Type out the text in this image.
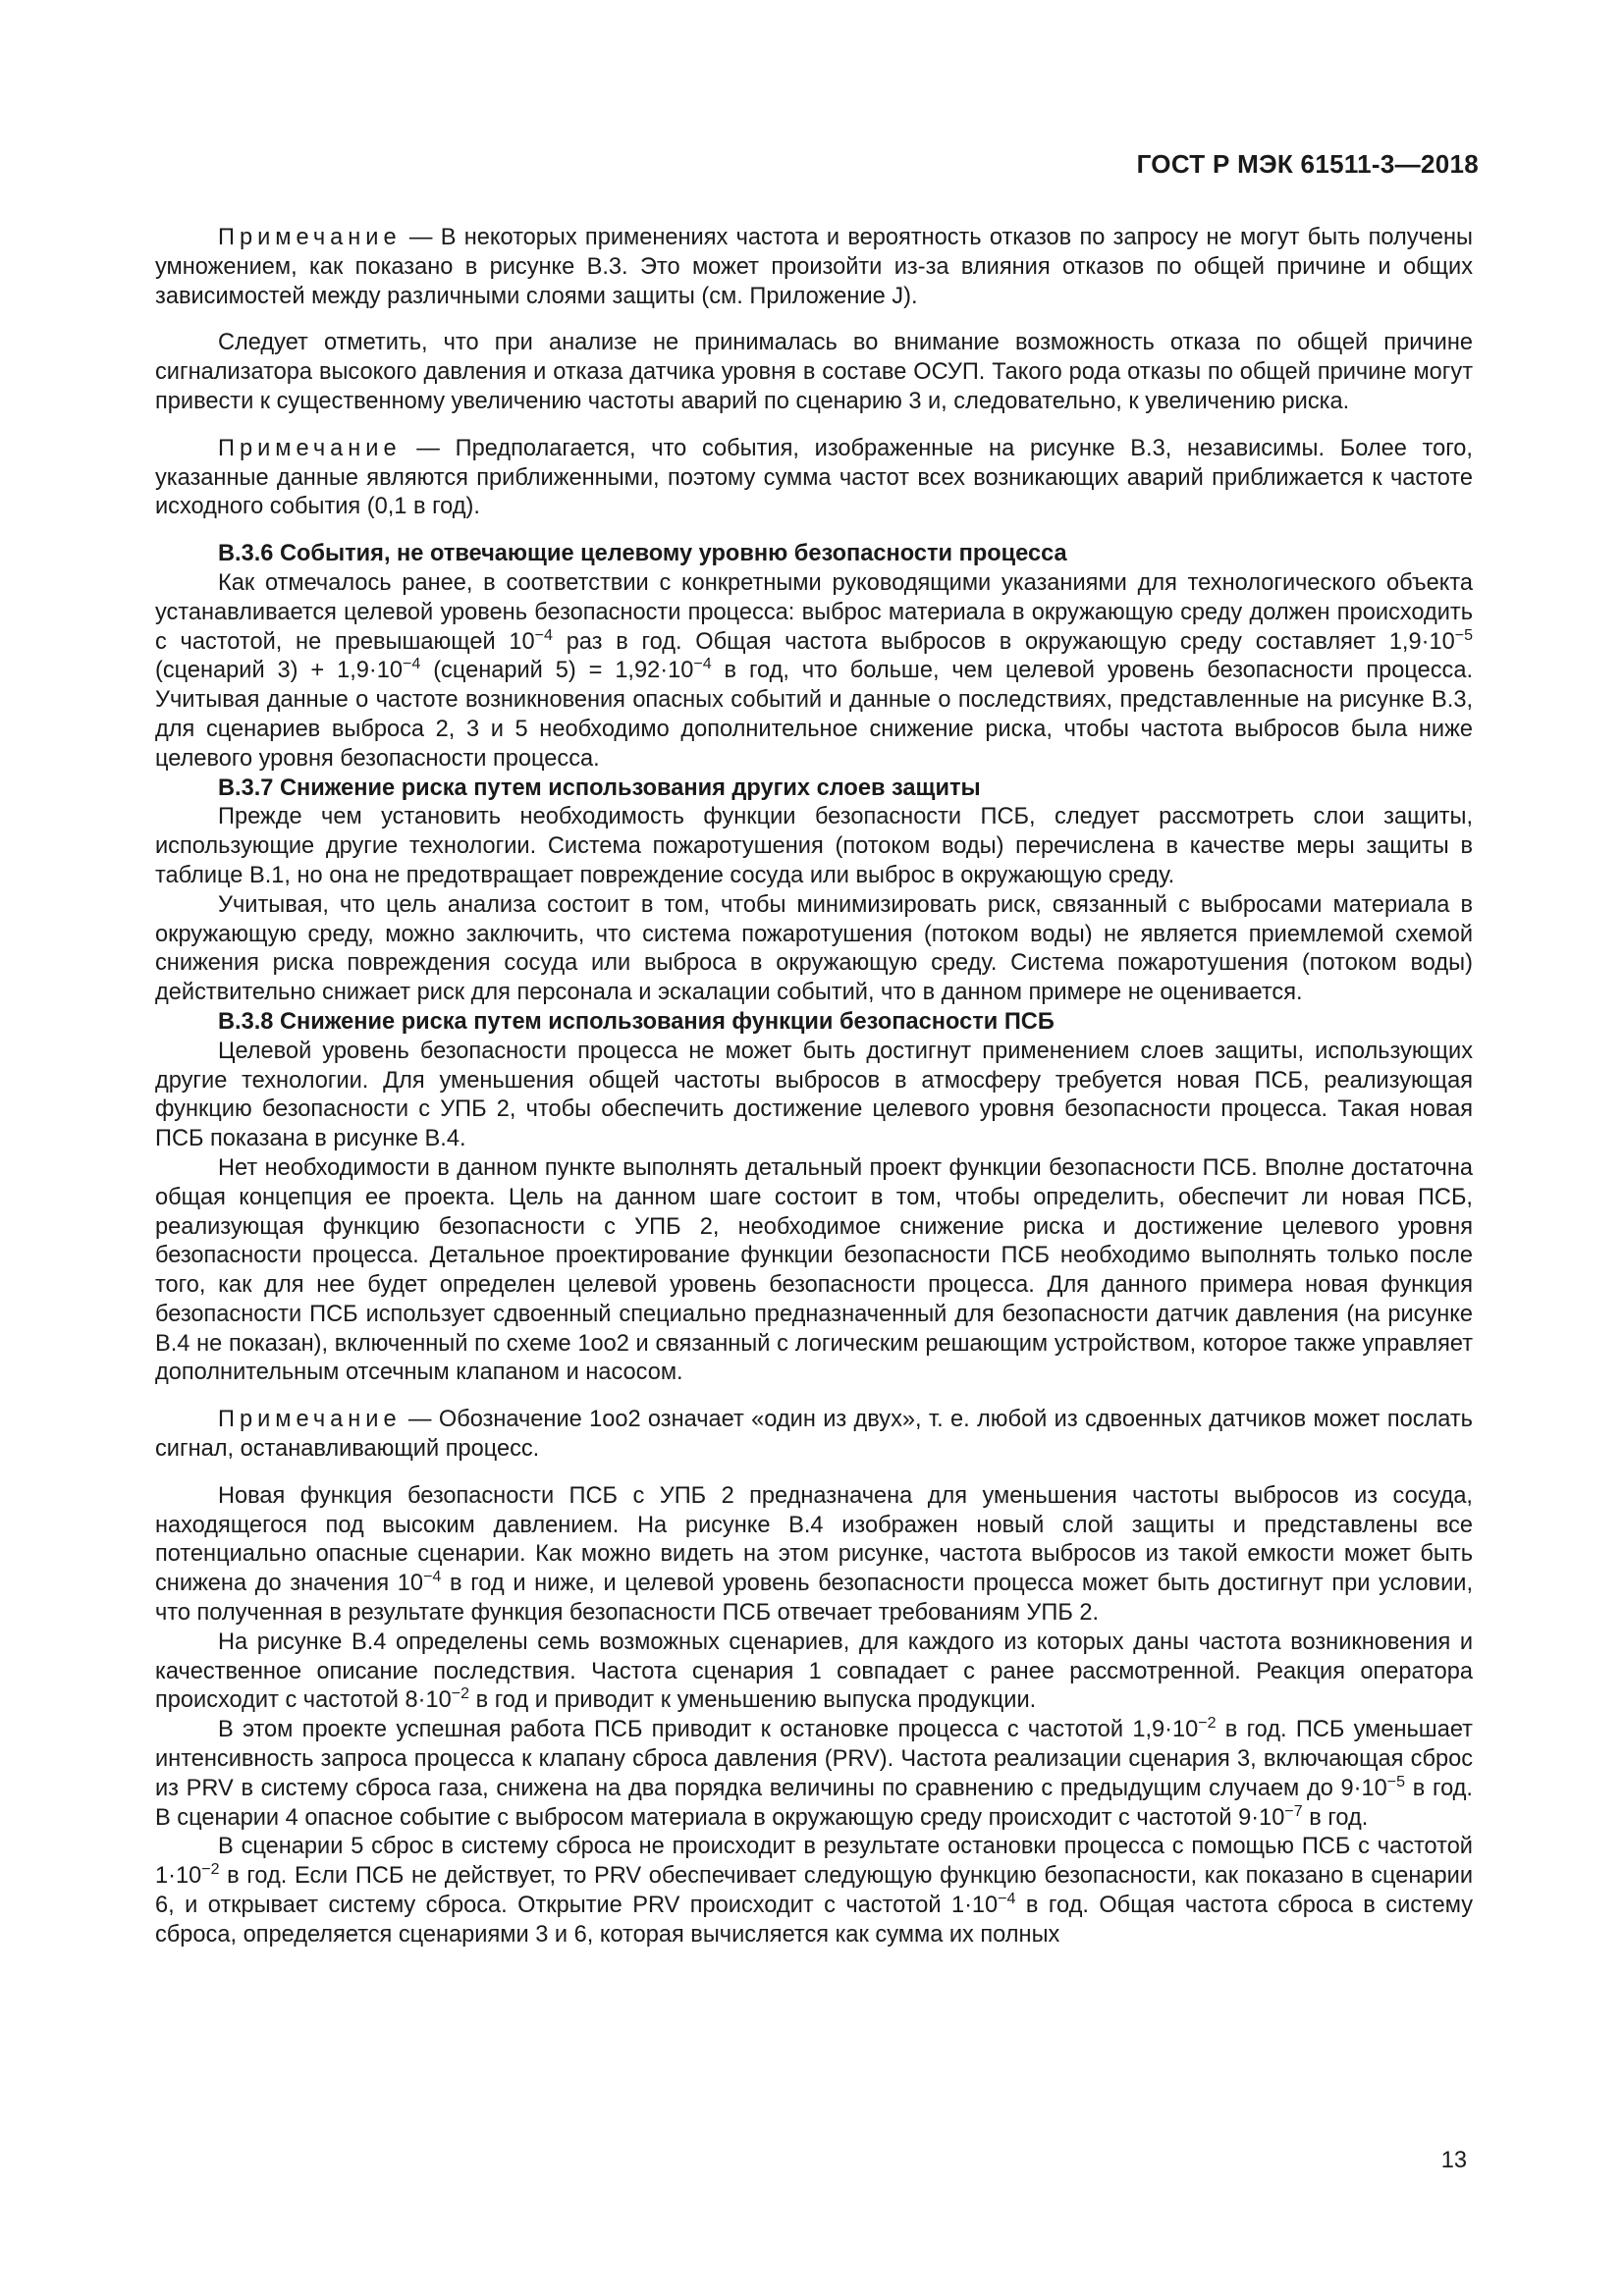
ГОСТ Р МЭК 61511-3—2018

Примечание — В некоторых применениях частота и вероятность отказов по запросу не могут быть получены умножением, как показано в рисунке B.3. Это может произойти из-за влияния отказов по общей причине и общих зависимостей между различными слоями защиты (см. Приложение J).

Следует отметить, что при анализе не принималась во внимание возможность отказа по общей причине сигнализатора высокого давления и отказа датчика уровня в составе ОСУП. Такого рода отказы по общей причине могут привести к существенному увеличению частоты аварий по сценарию 3 и, следовательно, к увеличению риска.

Примечание — Предполагается, что события, изображенные на рисунке B.3, независимы. Более того, указанные данные являются приближенными, поэтому сумма частот всех возникающих аварий приближается к частоте исходного события (0,1 в год).

B.3.6 События, не отвечающие целевому уровню безопасности процесса

Как отмечалось ранее, в соответствии с конкретными руководящими указаниями для технологического объекта устанавливается целевой уровень безопасности процесса: выброс материала в окружающую среду должен происходить с частотой, не превышающей $10^{-4}$ раз в год. Общая частота выбросов в окружающую среду составляет $1,9\cdot 10^{-5}$ (сценарий $3) + 1,9\cdot 10^{-4}$ (сценарий $5) = 1,92\cdot 10^{-4}$ в год, что больше, чем целевой уровень безопасности процесса. Учитывая данные о частоте возникновения опасных событий и данные о последствиях, представленные на рисунке B.3, для сценариев выброса 2, 3 и 5 необходимо дополнительное снижение риска, чтобы частота выбросов была ниже целевого уровня безопасности процесса.

B.3.7 Снижение риска путем использования других слоев защиты

Прежде чем установить необходимость функции безопасности ПСБ, следует рассмотреть слои защиты, использующие другие технологии. Система пожаротушения (потоком воды) перечислена в качестве меры защиты в таблице B.1, но она не предотвращает повреждение сосуда или выброс в окружающую среду.

Учитывая, что цель анализа состоит в том, чтобы минимизировать риск, связанный с выбросами материала в окружающую среду, можно заключить, что система пожаротушения (потоком воды) не является приемлемой схемой снижения риска повреждения сосуда или выброса в окружающую среду. Система пожаротушения (потоком воды) действительно снижает риск для персонала и эскалации событий, что в данном примере не оценивается.

B.3.8 Снижение риска путем использования функции безопасности ПСБ

Целевой уровень безопасности процесса не может быть достигнут применением слоев защиты, использующих другие технологии. Для уменьшения общей частоты выбросов в атмосферу требуется новая ПСБ, реализующая функцию безопасности с УПБ 2, чтобы обеспечить достижение целевого уровня безопасности процесса. Такая новая ПСБ показана в рисунке B.4.

Нет необходимости в данном пункте выполнять детальный проект функции безопасности ПСБ. Вполне достаточна общая концепция ее проекта. Цель на данном шаге состоит в том, чтобы определить, обеспечит ли новая ПСБ, реализующая функцию безопасности с УПБ 2, необходимое снижение риска и достижение целевого уровня безопасности процесса. Детальное проектирование функции безопасности ПСБ необходимо выполнять только после того, как для нее будет определен целевой уровень безопасности процесса. Для данного примера новая функция безопасности ПСБ использует сдвоенный специально предназначенный для безопасности датчик давления (на рисунке B.4 не показан), включенный по схеме 1oo2 и связанный с логическим решающим устройством, которое также управляет дополнительным отсечным клапаном и насосом.

Примечание — Обозначение 1oo2 означает «один из двух», т. е. любой из сдвоенных датчиков может послать сигнал, останавливающий процесс.

Новая функция безопасности ПСБ с УПБ 2 предназначена для уменьшения частоты выбросов из сосуда, находящегося под высоким давлением. На рисунке B.4 изображен новый слой защиты и представлены все потенциально опасные сценарии. Как можно видеть на этом рисунке, частота выбросов из такой емкости может быть снижена до значения $10^{-4}$ в год и ниже, и целевой уровень безопасности процесса может быть достигнут при условии, что полученная в результате функция безопасности ПСБ отвечает требованиям УПБ 2.

На рисунке B.4 определены семь возможных сценариев, для каждого из которых даны частота возникновения и качественное описание последствия. Частота сценария 1 совпадает с ранее рассмотренной. Реакция оператора происходит с частотой $8\cdot 10^{-2}$ в год и приводит к уменьшению выпуска продукции.

В этом проекте успешная работа ПСБ приводит к остановке процесса с частотой $1,9\cdot 10^{-2}$ в год. ПСБ уменьшает интенсивность запроса процесса к клапану сброса давления (PRV). Частота реализации сценария 3, включающая сброс из PRV в систему сброса газа, снижена на два порядка величины по сравнению с предыдущим случаем до $9\cdot 10^{-5}$ в год. В сценарии 4 опасное событие с выбросом материала в окружающую среду происходит с частотой $9\cdot 10^{-7}$ в год.

В сценарии 5 сброс в систему сброса не происходит в результате остановки процесса с помощью ПСБ с частотой $1\cdot 10^{-2}$ в год. Если ПСБ не действует, то PRV обеспечивает следующую функцию безопасности, как показано в сценарии 6, и открывает систему сброса. Открытие PRV происходит с частотой $1\cdot 10^{-4}$ в год. Общая частота сброса в систему сброса, определяется сценариями 3 и 6, которая вычисляется как сумма их полных

13
